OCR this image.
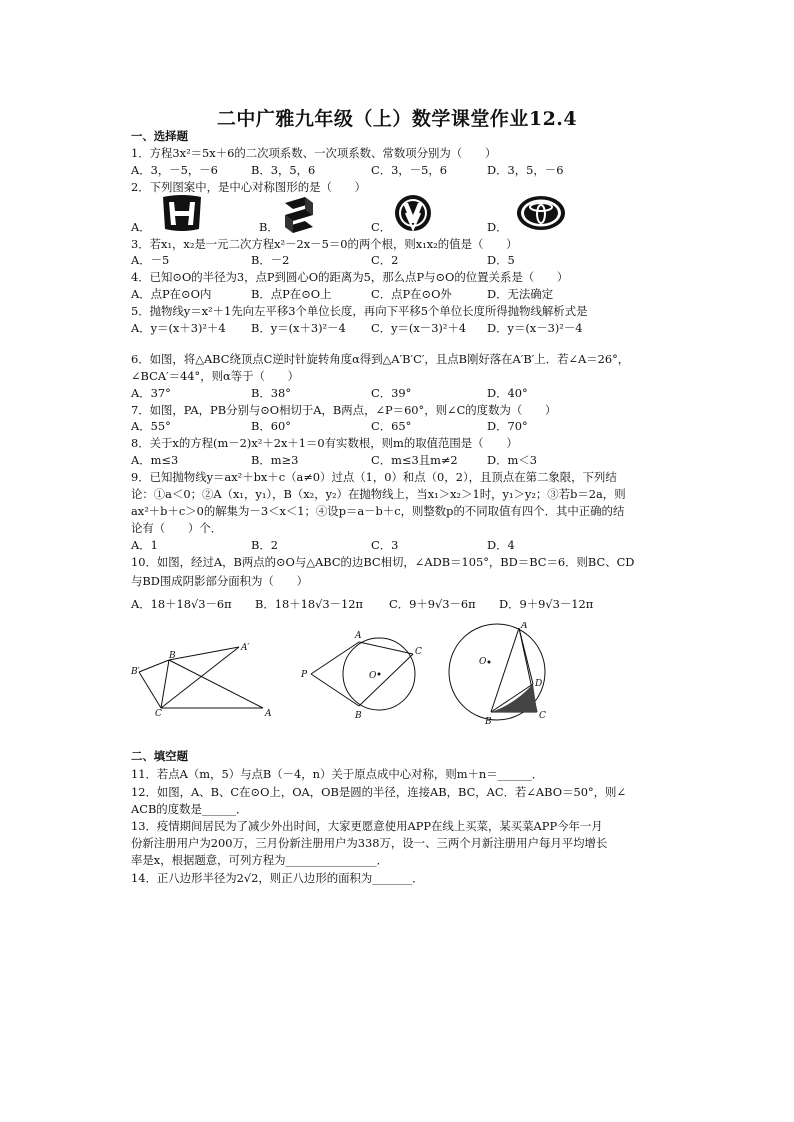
二中广雅九年级（上）数学课堂作业12.4
一、选择题
1．方程3x²＝5x＋6的二次项系数、一次项系数、常数项分别为（　　）
A．3，－5，－6	B．3，5，6	C．3，－5，6	D．3，5，－6
2．下列图案中，是中心对称图形的是（　　）
A．	B．	C．	D．
3．若x₁，x₂是一元二次方程x²－2x－5＝0的两个根，则x₁x₂的值是（　　）
A．－5	B．－2	C．2	D．5
4．已知⊙O的半径为3，点P到圆心O的距离为5，那么点P与⊙O的位置关系是（　　）
A．点P在⊙O内	B．点P在⊙O上	C．点P在⊙O外	D．无法确定
5．抛物线y＝x²＋1先向左平移3个单位长度，再向下平移5个单位长度所得抛物线解析式是
A．y＝(x＋3)²＋4 B．y＝(x＋3)²－4 C．y＝(x－3)²＋4 D．y＝(x－3)²－4
6．如图，将△ABC绕顶点C逆时针旋转角度α得到△A′B′C′，且点B刚好落在A′B′上．若∠A＝26°，
∠BCA′＝44°，则α等于（　　）
A．37°	B．38°	C．39°	D．40°
7．如图，PA，PB分别与⊙O相切于A，B两点，∠P＝60°，则∠C的度数为（　　）
A．55°	B．60°	C．65°	D．70°
8．关于x的方程(m－2)x²＋2x＋1＝0有实数根，则m的取值范围是（　　）
A．m≤3	B．m≥3	C．m≤3且m≠2	D．m＜3
9．已知抛物线y＝ax²＋bx＋c（a≠0）过点（1，0）和点（0，2），且顶点在第二象限，下列结
论：①a＜0；②A（x₁，y₁），B（x₂，y₂）在抛物线上，当x₁＞x₂＞1时，y₁＞y₂；③若b＝2a，则
ax²＋b＋c＞0的解集为－3＜x＜1；④设p＝a－b＋c，则整数p的不同取值有四个．其中正确的结
论有（　　）个．
A．1	B．2	C．3	D．4
10．如图，经过A，B两点的⊙O与△ABC的边BC相切，∠ADB＝105°，BD＝BC＝6．则BC、CD
与BD围成阴影部分面积为（　　）
A．18＋18√3－6π B．18＋18√3－12π C．9＋9√3－6π D．9＋9√3－12π
B′
B
A′
C	A
A
C
P	O
B
A
O
D
B
C
二、填空题
11．若点A（m，5）与点B（－4，n）关于原点成中心对称，则m＋n＝______．
12．如图，A、B、C在⊙O上，OA，OB是圆的半径，连接AB，BC，AC．若∠ABO＝50°，则∠
ACB的度数是______．
13．疫情期间居民为了减少外出时间，大家更愿意使用APP在线上买菜，某买菜APP今年一月
份新注册用户为200万，三月份新注册用户为338万，设一、三两个月新注册用户每月平均增长
率是x，根据题意，可列方程为________________．
14．正八边形半径为2√2，则正八边形的面积为_______．
